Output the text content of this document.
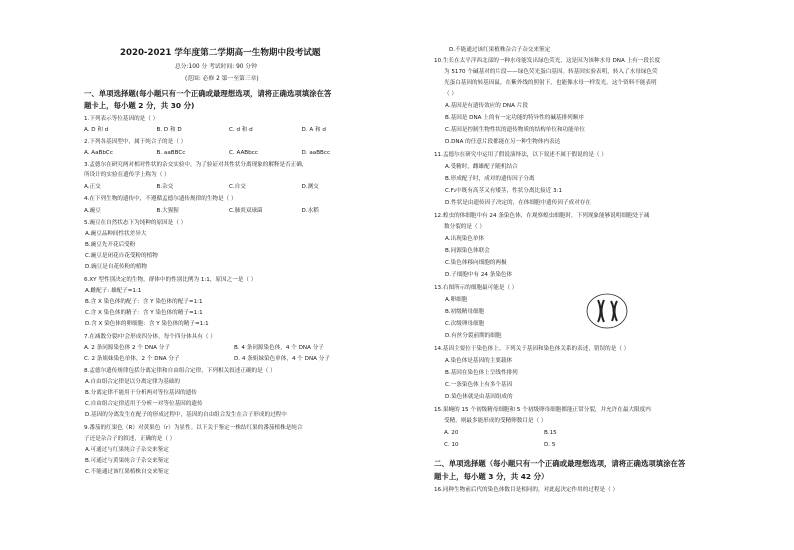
2020-2021 学年度第二学期高一生物期中段考试题
总分:100 分 考试时间: 90 分钟
(范围: 必修 2 第一至第三章)
一、单项选择题(每小题只有一个正确或最理想选项，请将正确选项填涂在答
题卡上，每小题 2 分，共 30 分)
1.下列表示等位基因的是（ ）
A. D 和 d	B. D 和 D	C. d 和 d	D. A 和 d
2.下列各基因型中，属于纯合子的是（ ）
A. AaBbCc	B. aaBBCc	C. AABbcc	D. aaBBcc
3.孟德尔在研究两对相对性状的杂交实验中，为了验证对其性状分离现象的解释是否正确，
所设计的实验在遗传学上称为（ ）
A.正交	B.杂交	C.自交	D.测交
4.在下列生物的遗传中，不遵循孟德尔遗传规律的生物是（ ）
A.豌豆	B.大猩猩	C.肺炎双球菌	D.水稻
5.豌豆在自然状态下为纯种的原因是（ ）
A.豌豆品种间性状差异大
B.豌豆先开花后受粉
C.豌豆是闭花自花受粉的植物
D.豌豆是自花传粉的植物
6.XY 型性别决定的生物，群体中的性别比例为 1:1，原因之一是（ ）
A.雌配子: 雄配子=1:1
B.含 X 染色体的配子：含 Y 染色体的配子=1:1
C.含 X 染色体的精子：含 Y 染色体的精子=1:1
D.含 X 染色体的卵细胞：含 Y 染色体的精子=1:1
7.在减数分裂Ⅰ中会形成四分体，每个四分体具有（ ）
A. 2 条同源染色体 2 个 DNA 分子	B. 4 条同源染色体，4 个 DNA 分子
C. 2 条姐妹染色单体，2 个 DNA 分子	D. 4 条姐妹染色单体，4 个 DNA 分子
8.孟德尔遗传规律包括分离定律和自由组合定律，下列相关叙述正确的是（ ）
A.自由组合定律是以分离定律为基础的
B.分离定律不能用于分析两对等位基因的遗传
C.自由组合定律适用于分析一对等位基因的遗传
D.基因的分离发生在配子的形成过程中，基因的自由组合发生在合子形成的过程中
9.番茄的红果色（R）对黄果色（r）为显性。以下关于鉴定一株结红果的番茄植株是纯合
子还是杂合子的叙述，正确的是（ ）
A.可通过与红果纯合子杂交来鉴定
B.可通过与黄果纯合子杂交来鉴定
C.不能通过该红果植株自交来鉴定
D.不能通过该红果植株杂合子杂交来鉴定
10.生长在太平洋西北部的一种水母能发出绿色荧光，这是因为该种水母 DNA 上有一段长度
为 5170 个碱基对的片段——绿色荧光蛋白基因。转基因实验表明，转入了水母绿色荧
光蛋白基因的转基因鼠，在紫外线的照射下，也能像水母一样发光。这个资料不能表明
（ ）
A.基因是有遗传效应的 DNA 片段
B.基因是 DNA 上的有一定功能的特异性的碱基排列顺序
C.基因是控制生物性状的遗传物质的结构单位和功能单位
D.DNA 的任意片段都能在另一种生物体内表达
11.孟德尔在研究中运用了假说演绎法，以下叙述不属于假说的是（ ）
A.受精时，雌雄配子随机结合
B.形成配子时，成对的遗传因子分离
C.F₂中既有高茎又有矮茎，性状分离比接近 3:1
D.性状是由遗传因子决定的，在体细胞中遗传因子成对存在
12.蝗虫的体细胞中有 24 条染色体，在观察蝗虫细胞时，下列现象能够说明细胞处于减
数分裂的是（ ）
A.出现染色单体
B.同源染色体联会
C.染色体移向细胞的两极
D.子细胞中有 24 条染色体
13.右图所示的细胞最可能是（ ）
A.卵细胞
B.初级精母细胞
C.次级卵母细胞
D.有丝分裂前期的细胞
14.基因主要位于染色体上。下列关于基因和染色体关系的表述，错误的是（ ）
A.染色体是基因的主要载体
B.基因在染色体上呈线性排列
C.一条染色体上有多个基因
D.染色体就是由基因组成的
15.果蝇的 15 个初级精母细胞和 5 个初级卵母细胞都能正常分裂，并允许在最大限度内
受精，则最多能形成的受精卵数目是（ ）
A. 20	B.15
C. 10	D. 5
二、单项选择题（每小题只有一个正确或最理想选项，请将正确选项填涂在答
题卡上，每小题 3 分，共 42 分）
16.同种生物前后代的染色体数目是相同的，对此起决定作用的过程是（ ）
